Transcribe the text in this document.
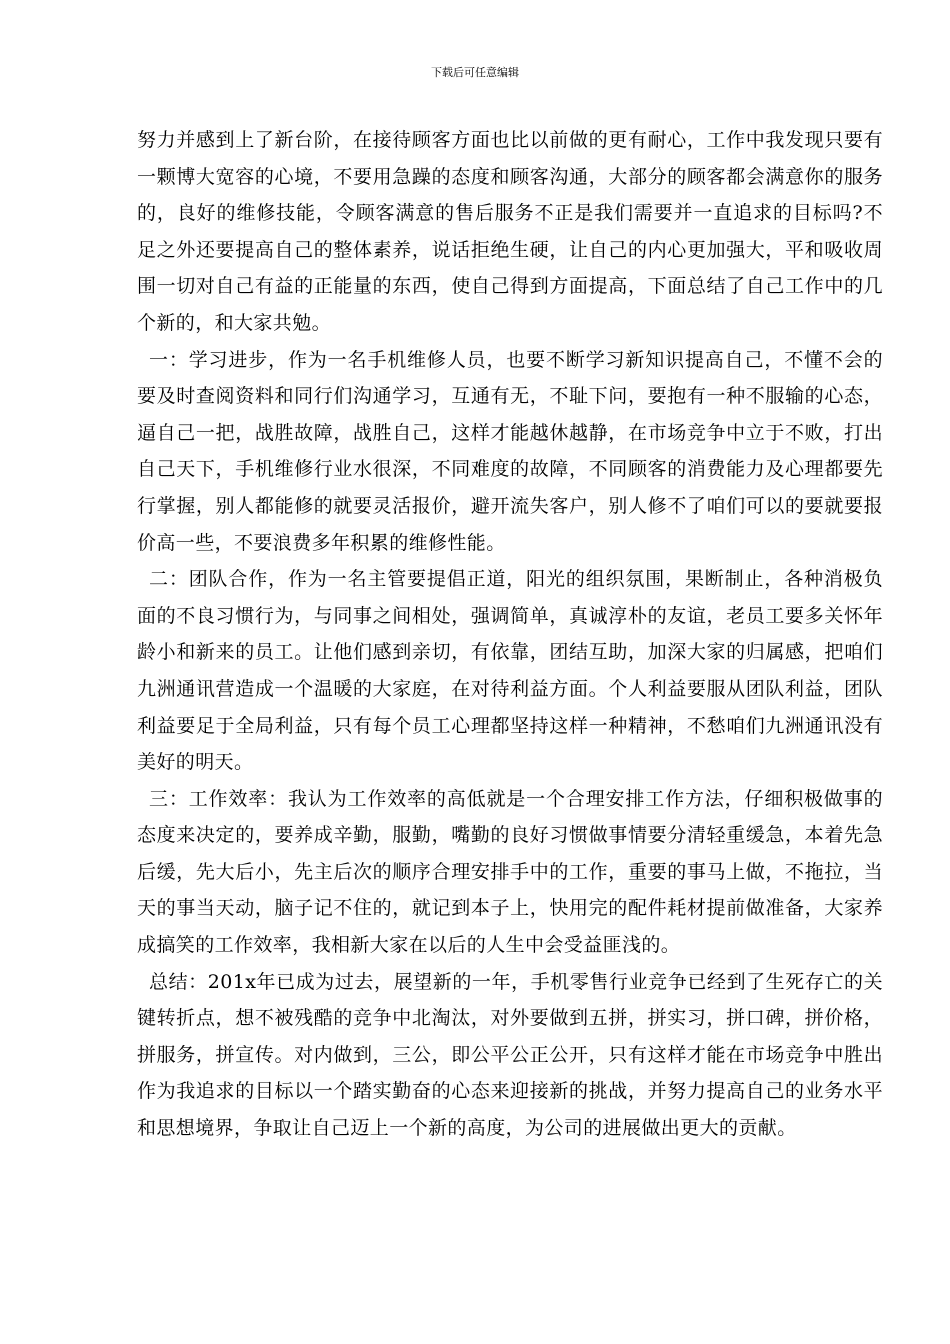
下载后可任意编辑

努力并感到上了新台阶，在接待顾客方面也比以前做的更有耐心，工作中我发现只要有一颗博大宽容的心境，不要用急躁的态度和顾客沟通，大部分的顾客都会满意你的服务的，良好的维修技能，令顾客满意的售后服务不正是我们需要并一直追求的目标吗?不足之外还要提高自己的整体素养，说话拒绝生硬，让自己的内心更加强大，平和吸收周围一切对自己有益的正能量的东西，使自己得到方面提高，下面总结了自己工作中的几个新的，和大家共勉。

一：学习进步，作为一名手机维修人员，也要不断学习新知识提高自己，不懂不会的要及时查阅资料和同行们沟通学习，互通有无，不耻下问，要抱有一种不服输的心态，逼自己一把，战胜故障，战胜自己，这样才能越休越静，在市场竞争中立于不败，打出自己天下，手机维修行业水很深，不同难度的故障，不同顾客的消费能力及心理都要先行掌握，别人都能修的就要灵活报价，避开流失客户，别人修不了咱们可以的要就要报价高一些，不要浪费多年积累的维修性能。

二：团队合作，作为一名主管要提倡正道，阳光的组织氛围，果断制止，各种消极负面的不良习惯行为，与同事之间相处，强调简单，真诚淳朴的友谊，老员工要多关怀年龄小和新来的员工。让他们感到亲切，有依靠，团结互助，加深大家的归属感，把咱们九洲通讯营造成一个温暖的大家庭，在对待利益方面。个人利益要服从团队利益，团队利益要足于全局利益，只有每个员工心理都坚持这样一种精神，不愁咱们九洲通讯没有美好的明天。

三：工作效率：我认为工作效率的高低就是一个合理安排工作方法，仔细积极做事的态度来决定的，要养成辛勤，服勤，嘴勤的良好习惯做事情要分清轻重缓急，本着先急后缓，先大后小，先主后次的顺序合理安排手中的工作，重要的事马上做，不拖拉，当天的事当天动，脑子记不住的，就记到本子上，快用完的配件耗材提前做准备，大家养成搞笑的工作效率，我相新大家在以后的人生中会受益匪浅的。

总结：201x年已成为过去，展望新的一年，手机零售行业竞争已经到了生死存亡的关键转折点，想不被残酷的竞争中北淘汰，对外要做到五拼，拼实习，拼口碑，拼价格，拼服务，拼宣传。对内做到，三公，即公平公正公开，只有这样才能在市场竞争中胜出作为我追求的目标以一个踏实勤奋的心态来迎接新的挑战，并努力提高自己的业务水平和思想境界，争取让自己迈上一个新的高度，为公司的进展做出更大的贡献。
